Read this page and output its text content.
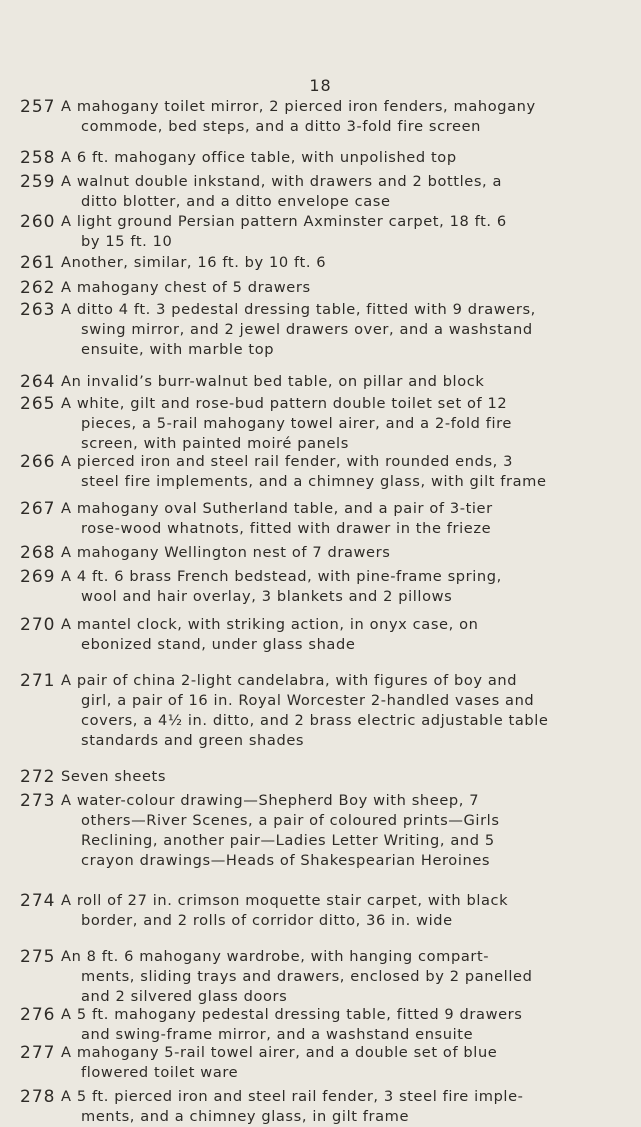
18
257 A mahogany toilet mirror, 2 pierced iron fenders, mahogany
commode, bed steps, and a ditto 3-fold fire screen
258 A 6 ft. mahogany office table, with unpolished top
259 A walnut double inkstand, with drawers and 2 bottles, a
ditto blotter, and a ditto envelope case
260 A light ground Persian pattern Axminster carpet, 18 ft. 6
by 15 ft. 10
261 Another, similar, 16 ft. by 10 ft. 6
262 A mahogany chest of 5 drawers
263 A ditto 4 ft. 3 pedestal dressing table, fitted with 9 drawers,
swing mirror, and 2 jewel drawers over, and a washstand
ensuite, with marble top
264 An invalid’s burr-walnut bed table, on pillar and block
265 A white, gilt and rose-bud pattern double toilet set of 12
pieces, a 5-rail mahogany towel airer, and a 2-fold fire
screen, with painted moiré panels
266 A pierced iron and steel rail fender, with rounded ends, 3
steel fire implements, and a chimney glass, with gilt frame
267 A mahogany oval Sutherland table, and a pair of 3-tier
rose-wood whatnots, fitted with drawer in the frieze
268 A mahogany Wellington nest of 7 drawers
269 A 4 ft. 6 brass French bedstead, with pine-frame spring,
wool and hair overlay, 3 blankets and 2 pillows
270 A mantel clock, with striking action, in onyx case, on
ebonized stand, under glass shade
271 A pair of china 2-light candelabra, with figures of boy and
girl, a pair of 16 in. Royal Worcester 2-handled vases and
covers, a 4½ in. ditto, and 2 brass electric adjustable table
standards and green shades
272 Seven sheets
273 A water-colour drawing—Shepherd Boy with sheep, 7
others—River Scenes, a pair of coloured prints—Girls
Reclining, another pair—Ladies Letter Writing, and 5
crayon drawings—Heads of Shakespearian Heroines
274 A roll of 27 in. crimson moquette stair carpet, with black
border, and 2 rolls of corridor ditto, 36 in. wide
275 An 8 ft. 6 mahogany wardrobe, with hanging compart-
ments, sliding trays and drawers, enclosed by 2 panelled
and 2 silvered glass doors
276 A 5 ft. mahogany pedestal dressing table, fitted 9 drawers
and swing-frame mirror, and a washstand ensuite
277 A mahogany 5-rail towel airer, and a double set of blue
flowered toilet ware
278 A 5 ft. pierced iron and steel rail fender, 3 steel fire imple-
ments, and a chimney glass, in gilt frame
